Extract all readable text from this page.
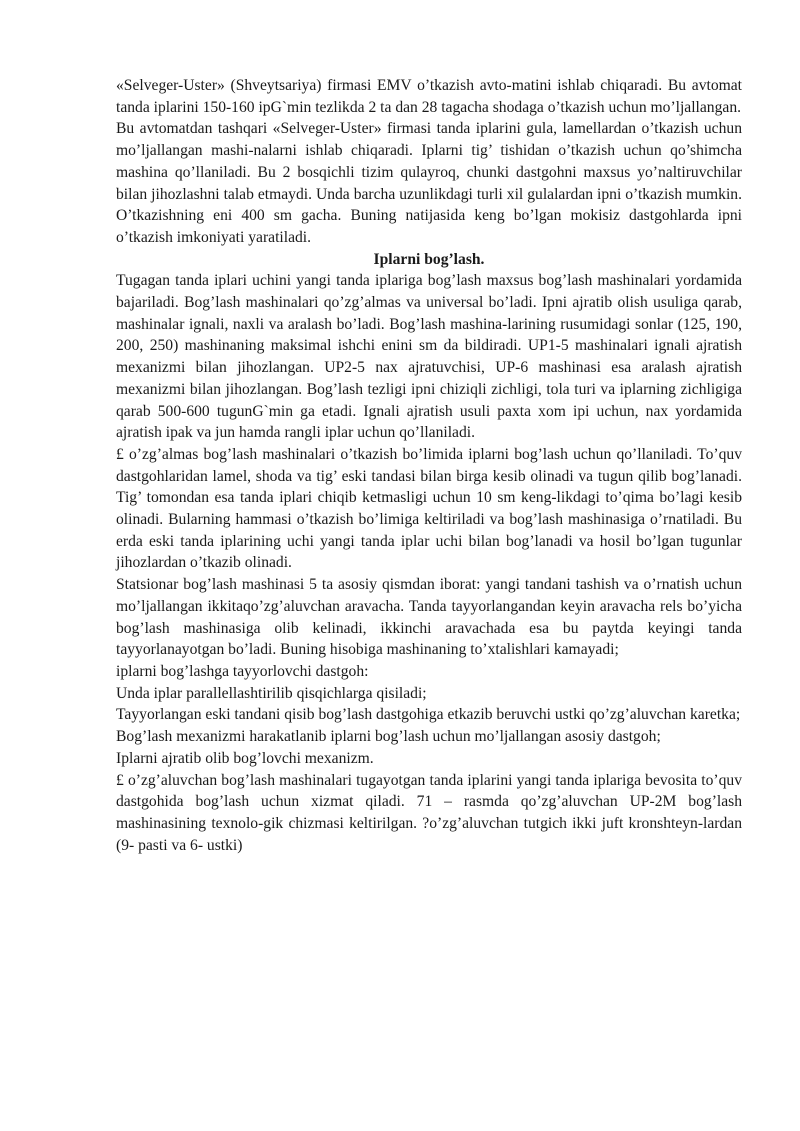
«Selveger-Uster» (Shveytsariya) firmasi EMV o’tkazish avto-matini ishlab chiqaradi. Bu avtomat tanda iplarini 150-160 ipG`min tezlikda 2 ta dan 28 tagacha shodaga o’tkazish uchun mo’ljallangan.

Bu avtomatdan tashqari «Selveger-Uster» firmasi tanda iplarini gula, lamellardan o’tkazish uchun mo’ljallangan mashi-nalarni ishlab chiqaradi. Iplarni tig’ tishidan o’tkazish uchun qo’shimcha mashina qo’llaniladi. Bu 2 bosqichli tizim qulayroq, chunki dastgohni maxsus yo’naltiruvchilar bilan jihozlashni talab etmaydi. Unda barcha uzunlikdagi turli xil gulalardan ipni o’tkazish mumkin. O’tkazishning eni 400 sm gacha. Buning natijasida keng bo’lgan mokisiz dastgohlarda ipni o’tkazish imkoniyati yaratiladi.

Iplarni bog’lash.

Tugagan tanda iplari uchini yangi tanda iplariga bog’lash maxsus bog’lash mashinalari yordamida bajariladi. Bog’lash mashinalari qo’zg’almas va universal bo’ladi. Ipni ajratib olish usuliga qarab, mashinalar ignali, naxli va aralash bo’ladi. Bog’lash mashina-larining rusumidagi sonlar (125, 190, 200, 250) mashinaning maksimal ishchi enini sm da bildiradi. UP1-5 mashinalari ignali ajratish mexanizmi bilan jihozlangan. UP2-5 nax ajratuvchisi, UP-6 mashinasi esa aralash ajratish mexanizmi bilan jihozlangan. Bog’lash tezligi ipni chiziqli zichligi, tola turi va iplarning zichligiga qarab 500-600 tugunG`min ga etadi. Ignali ajratish usuli paxta xom ipi uchun, nax yordamida ajratish ipak va jun hamda rangli iplar uchun qo’llaniladi.

£ o’zg’almas bog’lash mashinalari o’tkazish bo’limida iplarni bog’lash uchun qo’llaniladi. To’quv dastgohlaridan lamel, shoda va tig’ eski tandasi bilan birga kesib olinadi va tugun qilib bog’lanadi. Tig’ tomondan esa tanda iplari chiqib ketmasligi uchun 10 sm keng-likdagi to’qima bo’lagi kesib olinadi. Bularning hammasi o’tkazish bo’limiga keltiriladi va bog’lash mashinasiga o’rnatiladi. Bu erda eski tanda iplarining uchi yangi tanda iplar uchi bilan bog’lanadi va hosil bo’lgan tugunlar jihozlardan o’tkazib olinadi.

Statsionar bog’lash mashinasi 5 ta asosiy qismdan iborat: yangi tandani tashish va o’rnatish uchun mo’ljallangan ikkitaqo’zg’aluvchan aravacha. Tanda tayyorlangandan keyin aravacha rels bo’yicha bog’lash mashinasiga olib kelinadi, ikkinchi aravachada esa bu paytda keyingi tanda tayyorlanayotgan bo’ladi. Buning hisobiga mashinaning to’xtalishlari kamayadi;

iplarni bog’lashga tayyorlovchi dastgoh:

Unda iplar parallellashtirilib qisqichlarga qisiladi;

Tayyorlangan eski tandani qisib bog’lash dastgohiga etkazib beruvchi ustki qo’zg’aluvchan karetka;

Bog’lash mexanizmi harakatlanib iplarni bog’lash uchun mo’ljallangan asosiy dastgoh;

Iplarni ajratib olib bog’lovchi mexanizm.

£ o’zg’aluvchan bog’lash mashinalari tugayotgan tanda iplarini yangi tanda iplariga bevosita to’quv dastgohida bog’lash uchun xizmat qiladi. 71 – rasmda qo’zg’aluvchan UP-2M bog’lash mashinasining texnolo-gik chizmasi keltirilgan. ?o’zg’aluvchan tutgich ikki juft kronshteyn-lardan (9- pasti va 6- ustki)
